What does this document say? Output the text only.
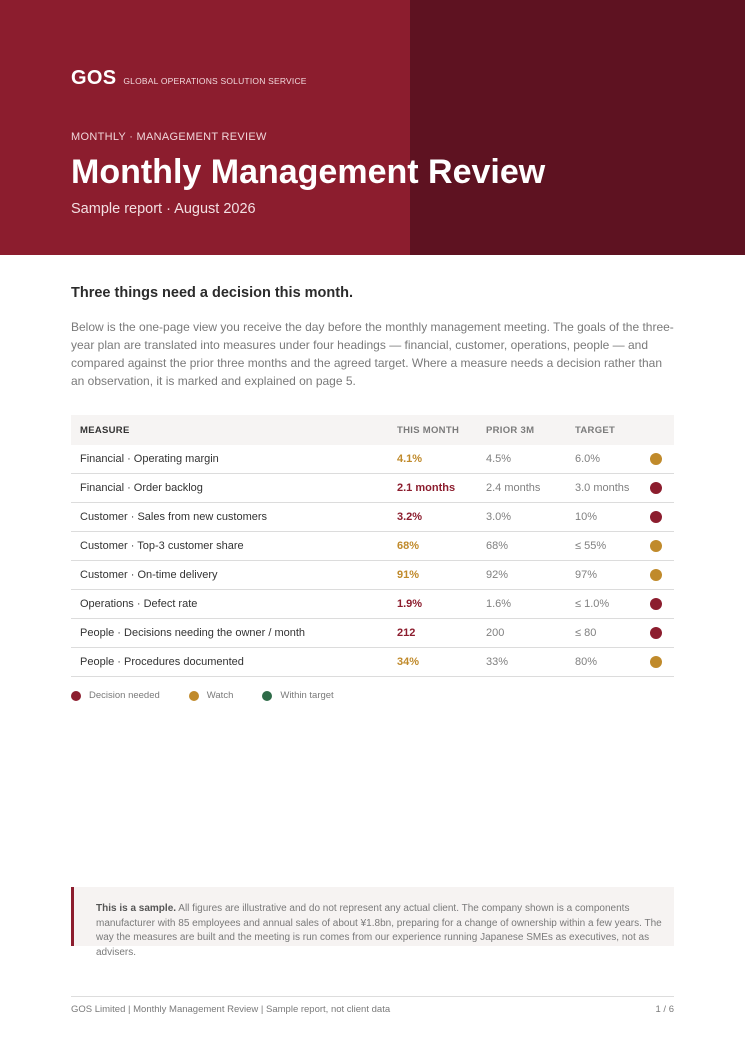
GOS GLOBAL OPERATIONS SOLUTION SERVICE
MONTHLY · MANAGEMENT REVIEW
Monthly Management Review
Sample report · August 2026
Three things need a decision this month.

Below is the one-page view you receive the day before the monthly management meeting. The goals of the three-year plan are translated into measures under four headings — financial, customer, operations, people — and compared against the prior three months and the agreed target. Where a measure needs a decision rather than an observation, it is marked and explained on page 5.

MEASURE	THIS MONTH	PRIOR 3M	TARGET
Financial · Operating margin	4.1%	4.5%	6.0%
Financial · Order backlog	2.1 months	2.4 months	3.0 months
Customer · Sales from new customers	3.2%	3.0%	10%
Customer · Top-3 customer share	68%	68%	≤ 55%
Customer · On-time delivery	91%	92%	97%
Operations · Defect rate	1.9%	1.6%	≤ 1.0%
People · Decisions needing the owner / month	212	200	≤ 80
People · Procedures documented	34%	33%	80%
Decision needed	Watch	Within target
This is a sample. All figures are illustrative and do not represent any actual client. The company shown is a components manufacturer with 85 employees and annual sales of about ¥1.8bn, preparing for a change of ownership within a few years. The way the measures are built and the meeting is run comes from our experience running Japanese SMEs as executives, not as advisers.
GOS Limited | Monthly Management Review | Sample report, not client data	1 / 6
